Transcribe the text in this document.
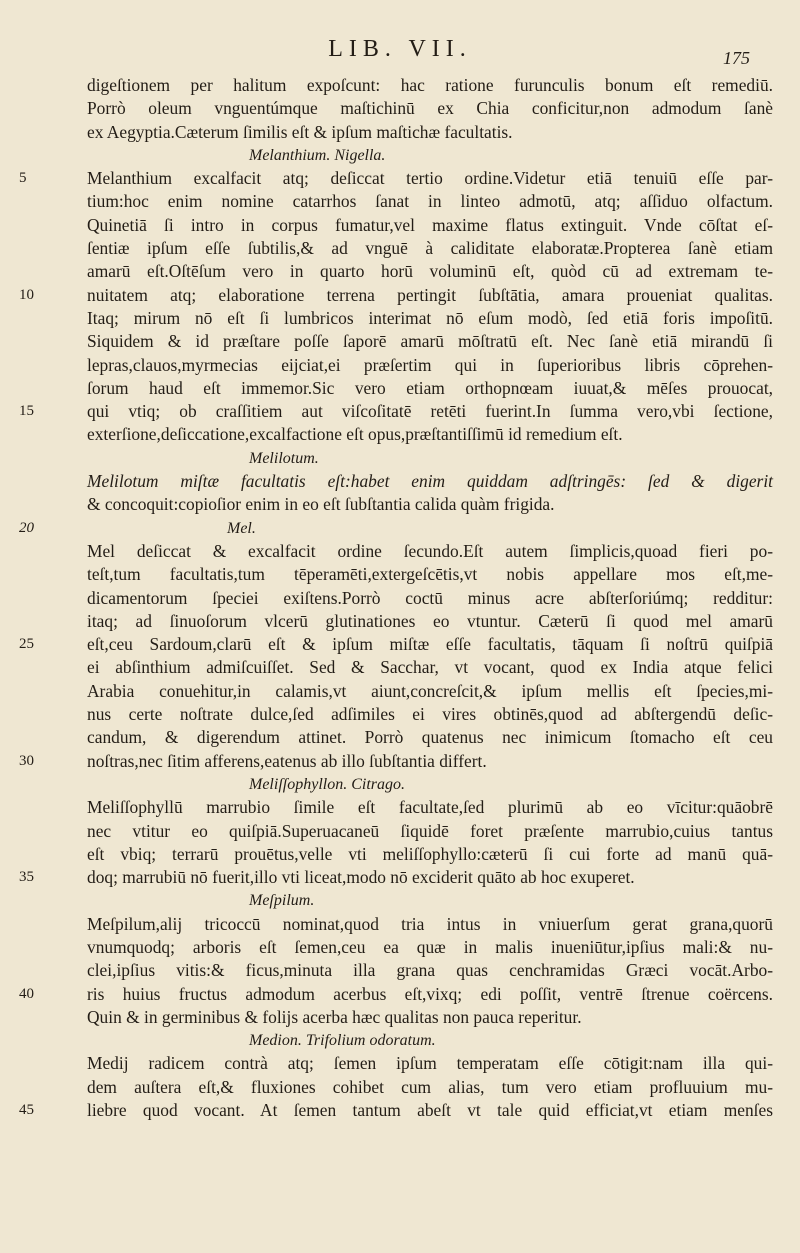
LIB. VII.	175
digeſtionem per halitum expoſcunt: hac ratione furunculis bonum eſt remediū.
Porrò oleum vnguentúmque maſtichinū ex Chia conficitur,non admodum ſanè
ex Aegyptia.Cæterum ſimilis eſt & ipſum maſtichæ facultatis.
Melanthium. Nigella.
Melanthium excalfacit atq; deſiccat tertio ordine.Videtur etiā tenuiū eſſe par-
5
tium:hoc enim nomine catarrhos ſanat in linteo admotū, atq; aſſiduo olfactum.
Quinetiā ſi intro in corpus fumatur,vel maxime flatus extinguit. Vnde cōſtat eſ-
ſentiæ ipſum eſſe ſubtilis,& ad vnguē à caliditate elaboratæ.Propterea ſanè etiam
amarū eſt.Oſtēſum vero in quarto horū voluminū eſt, quòd cū ad extremam te-
nuitatem atq; elaboratione terrena pertingit ſubſtātia, amara proueniat qualitas.
10
Itaq; mirum nō eſt ſi lumbricos interimat nō eſum modò, ſed etiā foris impoſitū.
Siquidem & id præſtare poſſe ſaporē amarū mōſtratū eſt. Nec ſanè etiā mirandū ſi
lepras,clauos,myrmecias eijciat,ei præſertim qui in ſuperioribus libris cōprehen-
ſorum haud eſt immemor.Sic vero etiam orthopnœam iuuat,& mēſes prouocat,
qui vtiq; ob craſſitiem aut viſcoſitatē retēti fuerint.In ſumma vero,vbi ſectione,
15
exterſione,deſiccatione,excalfactione eſt opus,præſtantiſſimū id remedium eſt.
Melilotum.
Melilotum miſtæ facultatis eſt:habet enim quiddam adſtringēs: ſed & digerit
& concoquit:copioſior enim in eo eſt ſubſtantia calida quàm frigida.
Mel.
20
Mel deſiccat & excalfacit ordine ſecundo.Eſt autem ſimplicis,quoad fieri po-
teſt,tum facultatis,tum tēperamēti,extergeſcētis,vt nobis appellare mos eſt,me-
dicamentorum ſpeciei exiſtens.Porrò coctū minus acre abſterſoriúmq; redditur:
itaq; ad ſinuoſorum vlcerū glutinationes eo vtuntur. Cæterū ſi quod mel amarū
eſt,ceu Sardoum,clarū eſt & ipſum miſtæ eſſe facultatis, tāquam ſi noſtrū quiſpiā
25
ei abſinthium admiſcuiſſet. Sed & Sacchar, vt vocant, quod ex India atque felici
Arabia conuehitur,in calamis,vt aiunt,concreſcit,& ipſum mellis eſt ſpecies,mi-
nus certe noſtrate dulce,ſed adſimiles ei vires obtinēs,quod ad abſtergendū deſic-
candum, & digerendum attinet. Porrò quatenus nec inimicum ſtomacho eſt ceu
noſtras,nec ſitim afferens,eatenus ab illo ſubſtantia differt.
30
Meliſſophyllon. Citrago.
Meliſſophyllū marrubio ſimile eſt facultate,ſed plurimū ab eo vīcitur:quāobrē
nec vtitur eo quiſpiā.Superuacaneū ſiquidē foret præſente marrubio,cuius tantus
eſt vbiq; terrarū prouētus,velle vti meliſſophyllo:cæterū ſi cui forte ad manū quā-
doq; marrubiū nō fuerit,illo vti liceat,modo nō exciderit quāto ab hoc exuperet.
35
Meſpilum.
Meſpilum,alij tricoccū nominat,quod tria intus in vniuerſum gerat grana,quorū
vnumquodq; arboris eſt ſemen,ceu ea quæ in malis inueniūtur,ipſius mali:& nu-
clei,ipſius vitis:& ficus,minuta illa grana quas cenchramidas Græci vocāt.Arbo-
ris huius fructus admodum acerbus eſt,vixq; edi poſſit, ventrē ſtrenue coërcens.
40
Quin & in germinibus & folijs acerba hæc qualitas non pauca reperitur.
Medion. Trifolium odoratum.
Medij radicem contrà atq; ſemen ipſum temperatam eſſe cōtigit:nam illa qui-
dem auſtera eſt,& fluxiones cohibet cum alias, tum vero etiam profluuium mu-
liebre quod vocant. At ſemen tantum abeſt vt tale quid efficiat,vt etiam menſes
45
